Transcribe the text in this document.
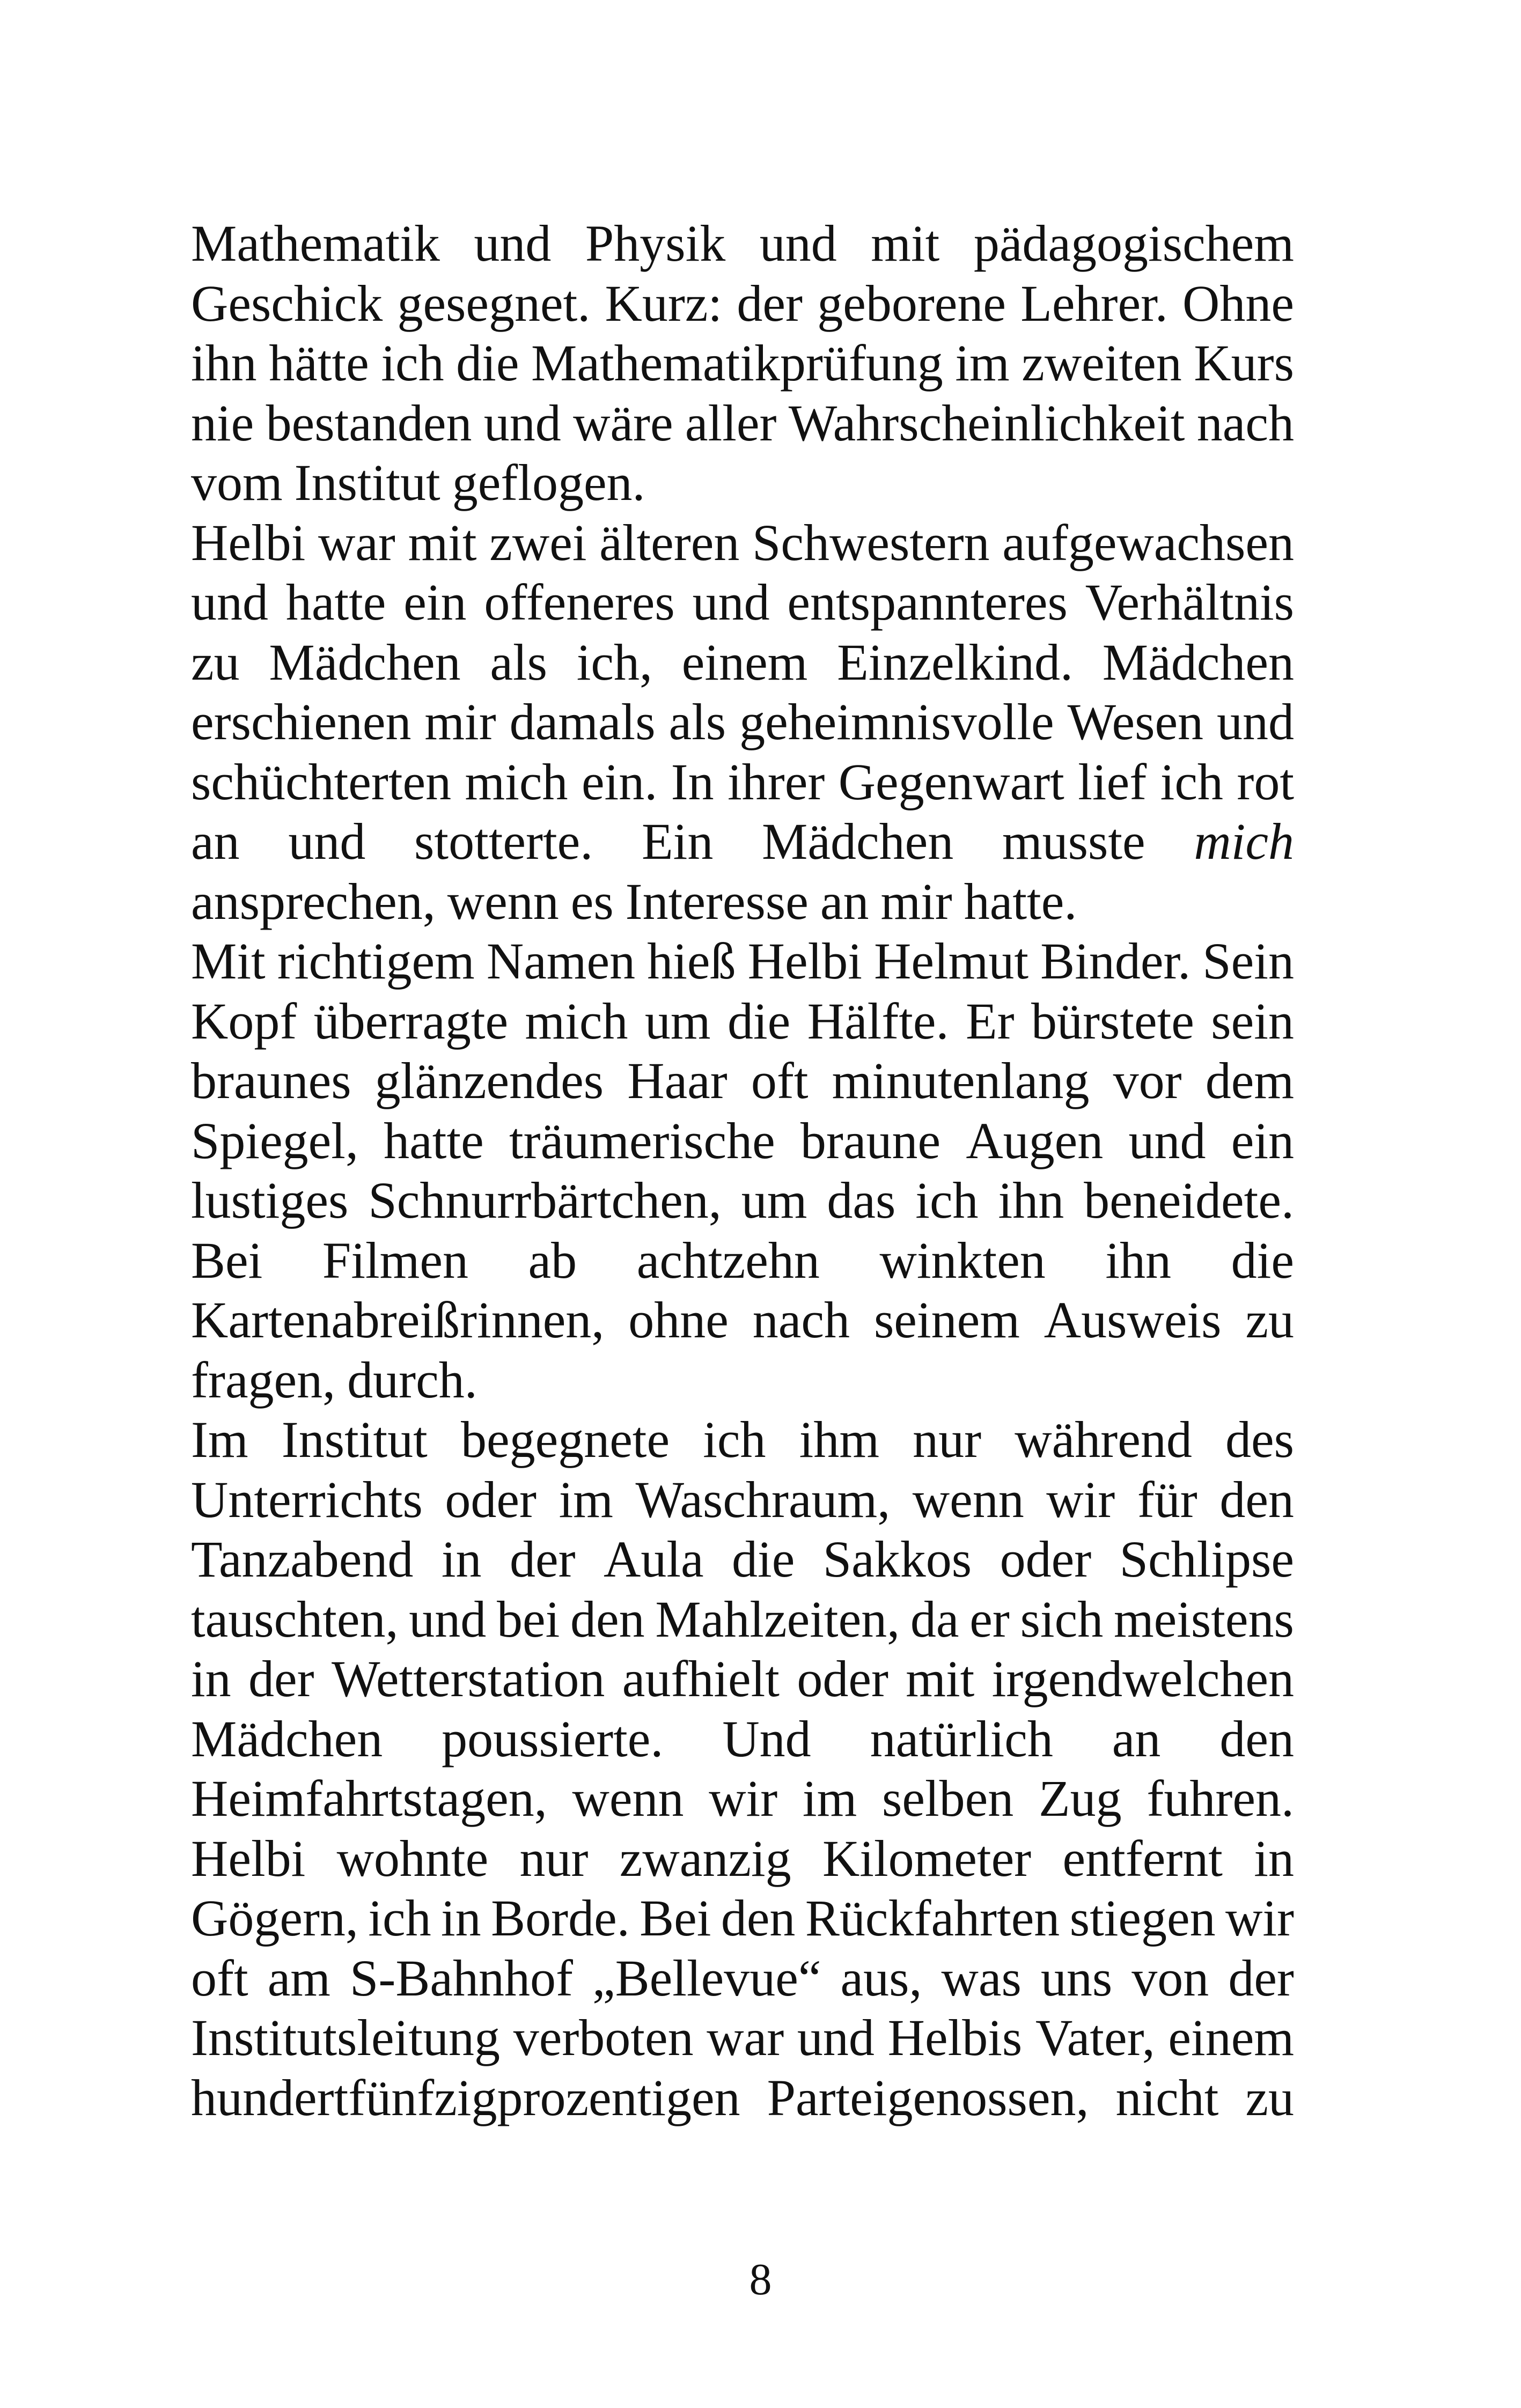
Mathematik und Physik und mit pädagogischem
Geschick gesegnet. Kurz: der geborene Lehrer. Ohne
ihn hätte ich die Mathematikprüfung im zweiten Kurs
nie bestanden und wäre aller Wahrscheinlichkeit nach
vom Institut geflogen.
Helbi war mit zwei älteren Schwestern aufgewachsen
und hatte ein offeneres und entspannteres Verhältnis
zu Mädchen als ich, einem Einzelkind. Mädchen
erschienen mir damals als geheimnisvolle Wesen und
schüchterten mich ein. In ihrer Gegenwart lief ich rot
an und stotterte. Ein Mädchen musste mich
ansprechen, wenn es Interesse an mir hatte.
Mit richtigem Namen hieß Helbi Helmut Binder. Sein
Kopf überragte mich um die Hälfte. Er bürstete sein
braunes glänzendes Haar oft minutenlang vor dem
Spiegel, hatte träumerische braune Augen und ein
lustiges Schnurrbärtchen, um das ich ihn beneidete.
Bei Filmen ab achtzehn winkten ihn die
Kartenabreißrinnen, ohne nach seinem Ausweis zu
fragen, durch.
Im Institut begegnete ich ihm nur während des
Unterrichts oder im Waschraum, wenn wir für den
Tanzabend in der Aula die Sakkos oder Schlipse
tauschten, und bei den Mahlzeiten, da er sich meistens
in der Wetterstation aufhielt oder mit irgendwelchen
Mädchen poussierte. Und natürlich an den
Heimfahrtstagen, wenn wir im selben Zug fuhren.
Helbi wohnte nur zwanzig Kilometer entfernt in
Gögern, ich in Borde. Bei den Rückfahrten stiegen wir
oft am S-Bahnhof „Bellevue“ aus, was uns von der
Institutsleitung verboten war und Helbis Vater, einem
hundertfünfzigprozentigen Parteigenossen, nicht zu
8
